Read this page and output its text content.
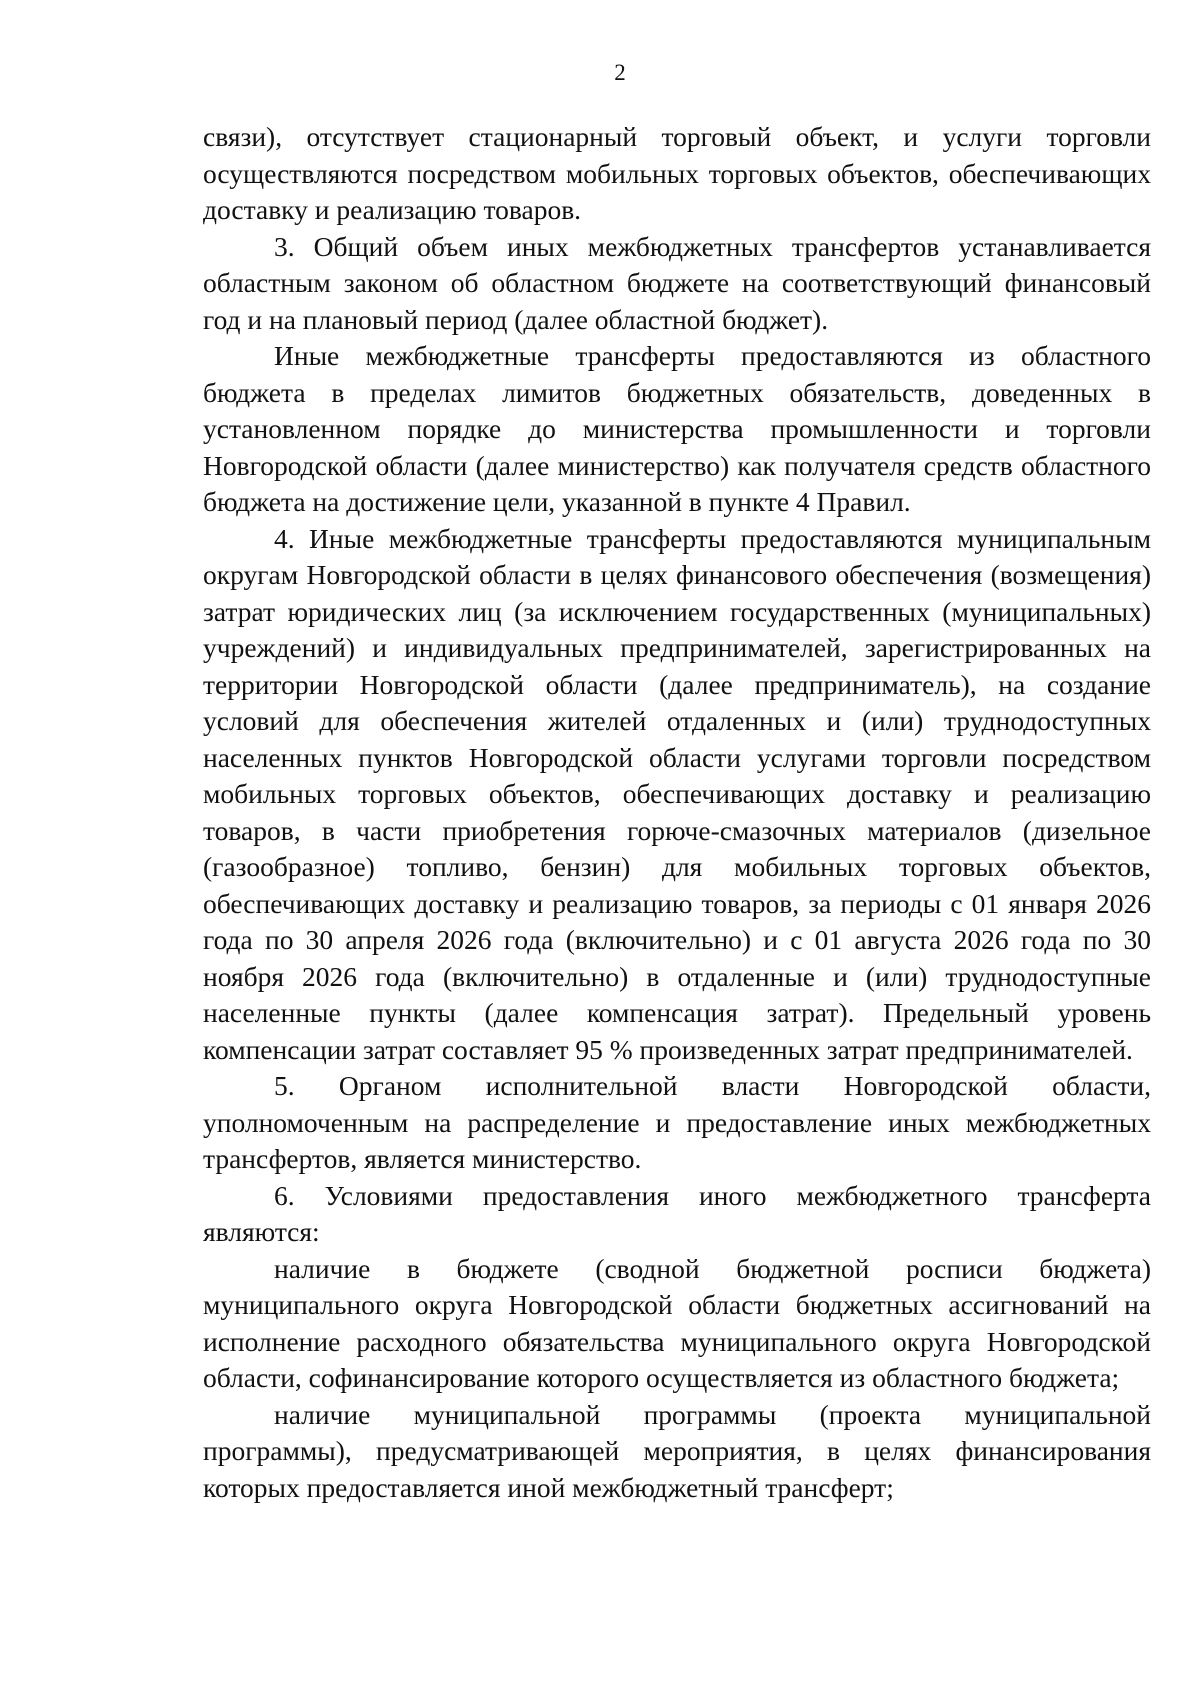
2

связи), отсутствует стационарный торговый объект, и услуги торговли осуществляются посредством мобильных торговых объектов, обеспечивающих доставку и реализацию товаров.

3. Общий объем иных межбюджетных трансфертов устанавливается областным законом об областном бюджете на соответствующий финансовый год и на плановый период (далее областной бюджет).

Иные межбюджетные трансферты предоставляются из областного бюджета в пределах лимитов бюджетных обязательств, доведенных в установленном порядке до министерства промышленности и торговли Новгородской области (далее министерство) как получателя средств областного бюджета на достижение цели, указанной в пункте 4 Правил.

4. Иные межбюджетные трансферты предоставляются муниципальным округам Новгородской области в целях финансового обеспечения (возмещения) затрат юридических лиц (за исключением государственных (муниципальных) учреждений) и индивидуальных предпринимателей, зарегистрированных на территории Новгородской области (далее предприниматель), на создание условий для обеспечения жителей отдаленных и (или) труднодоступных населенных пунктов Новгородской области услугами торговли посредством мобильных торговых объектов, обеспечивающих доставку и реализацию товаров, в части приобретения горюче-смазочных материалов (дизельное (газообразное) топливо, бензин) для мобильных торговых объектов, обеспечивающих доставку и реализацию товаров, за периоды с 01 января 2026 года по 30 апреля 2026 года (включительно) и с 01 августа 2026 года по 30 ноября 2026 года (включительно) в отдаленные и (или) труднодоступные населенные пункты (далее компенсация затрат). Предельный уровень компенсации затрат составляет 95 % произведенных затрат предпринимателей.

5. Органом исполнительной власти Новгородской области, уполномоченным на распределение и предоставление иных межбюджетных трансфертов, является министерство.

6. Условиями предоставления иного межбюджетного трансферта являются:

наличие в бюджете (сводной бюджетной росписи бюджета) муниципального округа Новгородской области бюджетных ассигнований на исполнение расходного обязательства муниципального округа Новгородской области, софинансирование которого осуществляется из областного бюджета;

наличие муниципальной программы (проекта муниципальной программы), предусматривающей мероприятия, в целях финансирования которых предоставляется иной межбюджетный трансферт;
